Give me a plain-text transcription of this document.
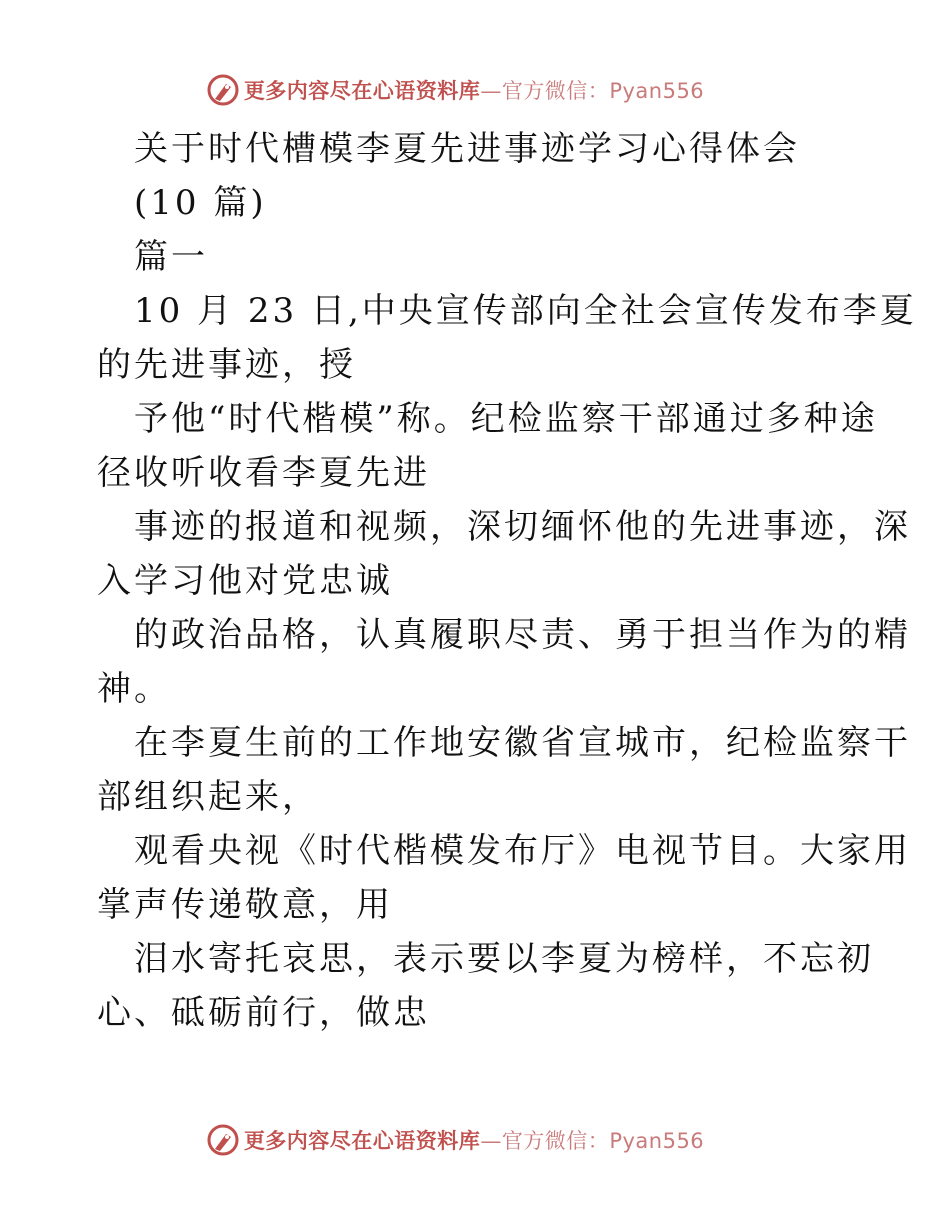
更多内容尽在心语资料库—官方微信：Pyan556
关于时代槽模李夏先进事迹学习心得体会
(10 篇)
篇一
10 月 23 日,中央宣传部向全社会宣传发布李夏
的先进事迹，授
予他“时代楷模”称。纪检监察干部通过多种途
径收听收看李夏先进
事迹的报道和视频，深切缅怀他的先进事迹，深
入学习他对党忠诚
的政治品格，认真履职尽责、勇于担当作为的精
神。
在李夏生前的工作地安徽省宣城市，纪检监察干
部组织起来，
观看央视《时代楷模发布厅》电视节目。大家用
掌声传递敬意，用
泪水寄托哀思，表示要以李夏为榜样，不忘初
心、砥砺前行，做忠
更多内容尽在心语资料库—官方微信：Pyan556
